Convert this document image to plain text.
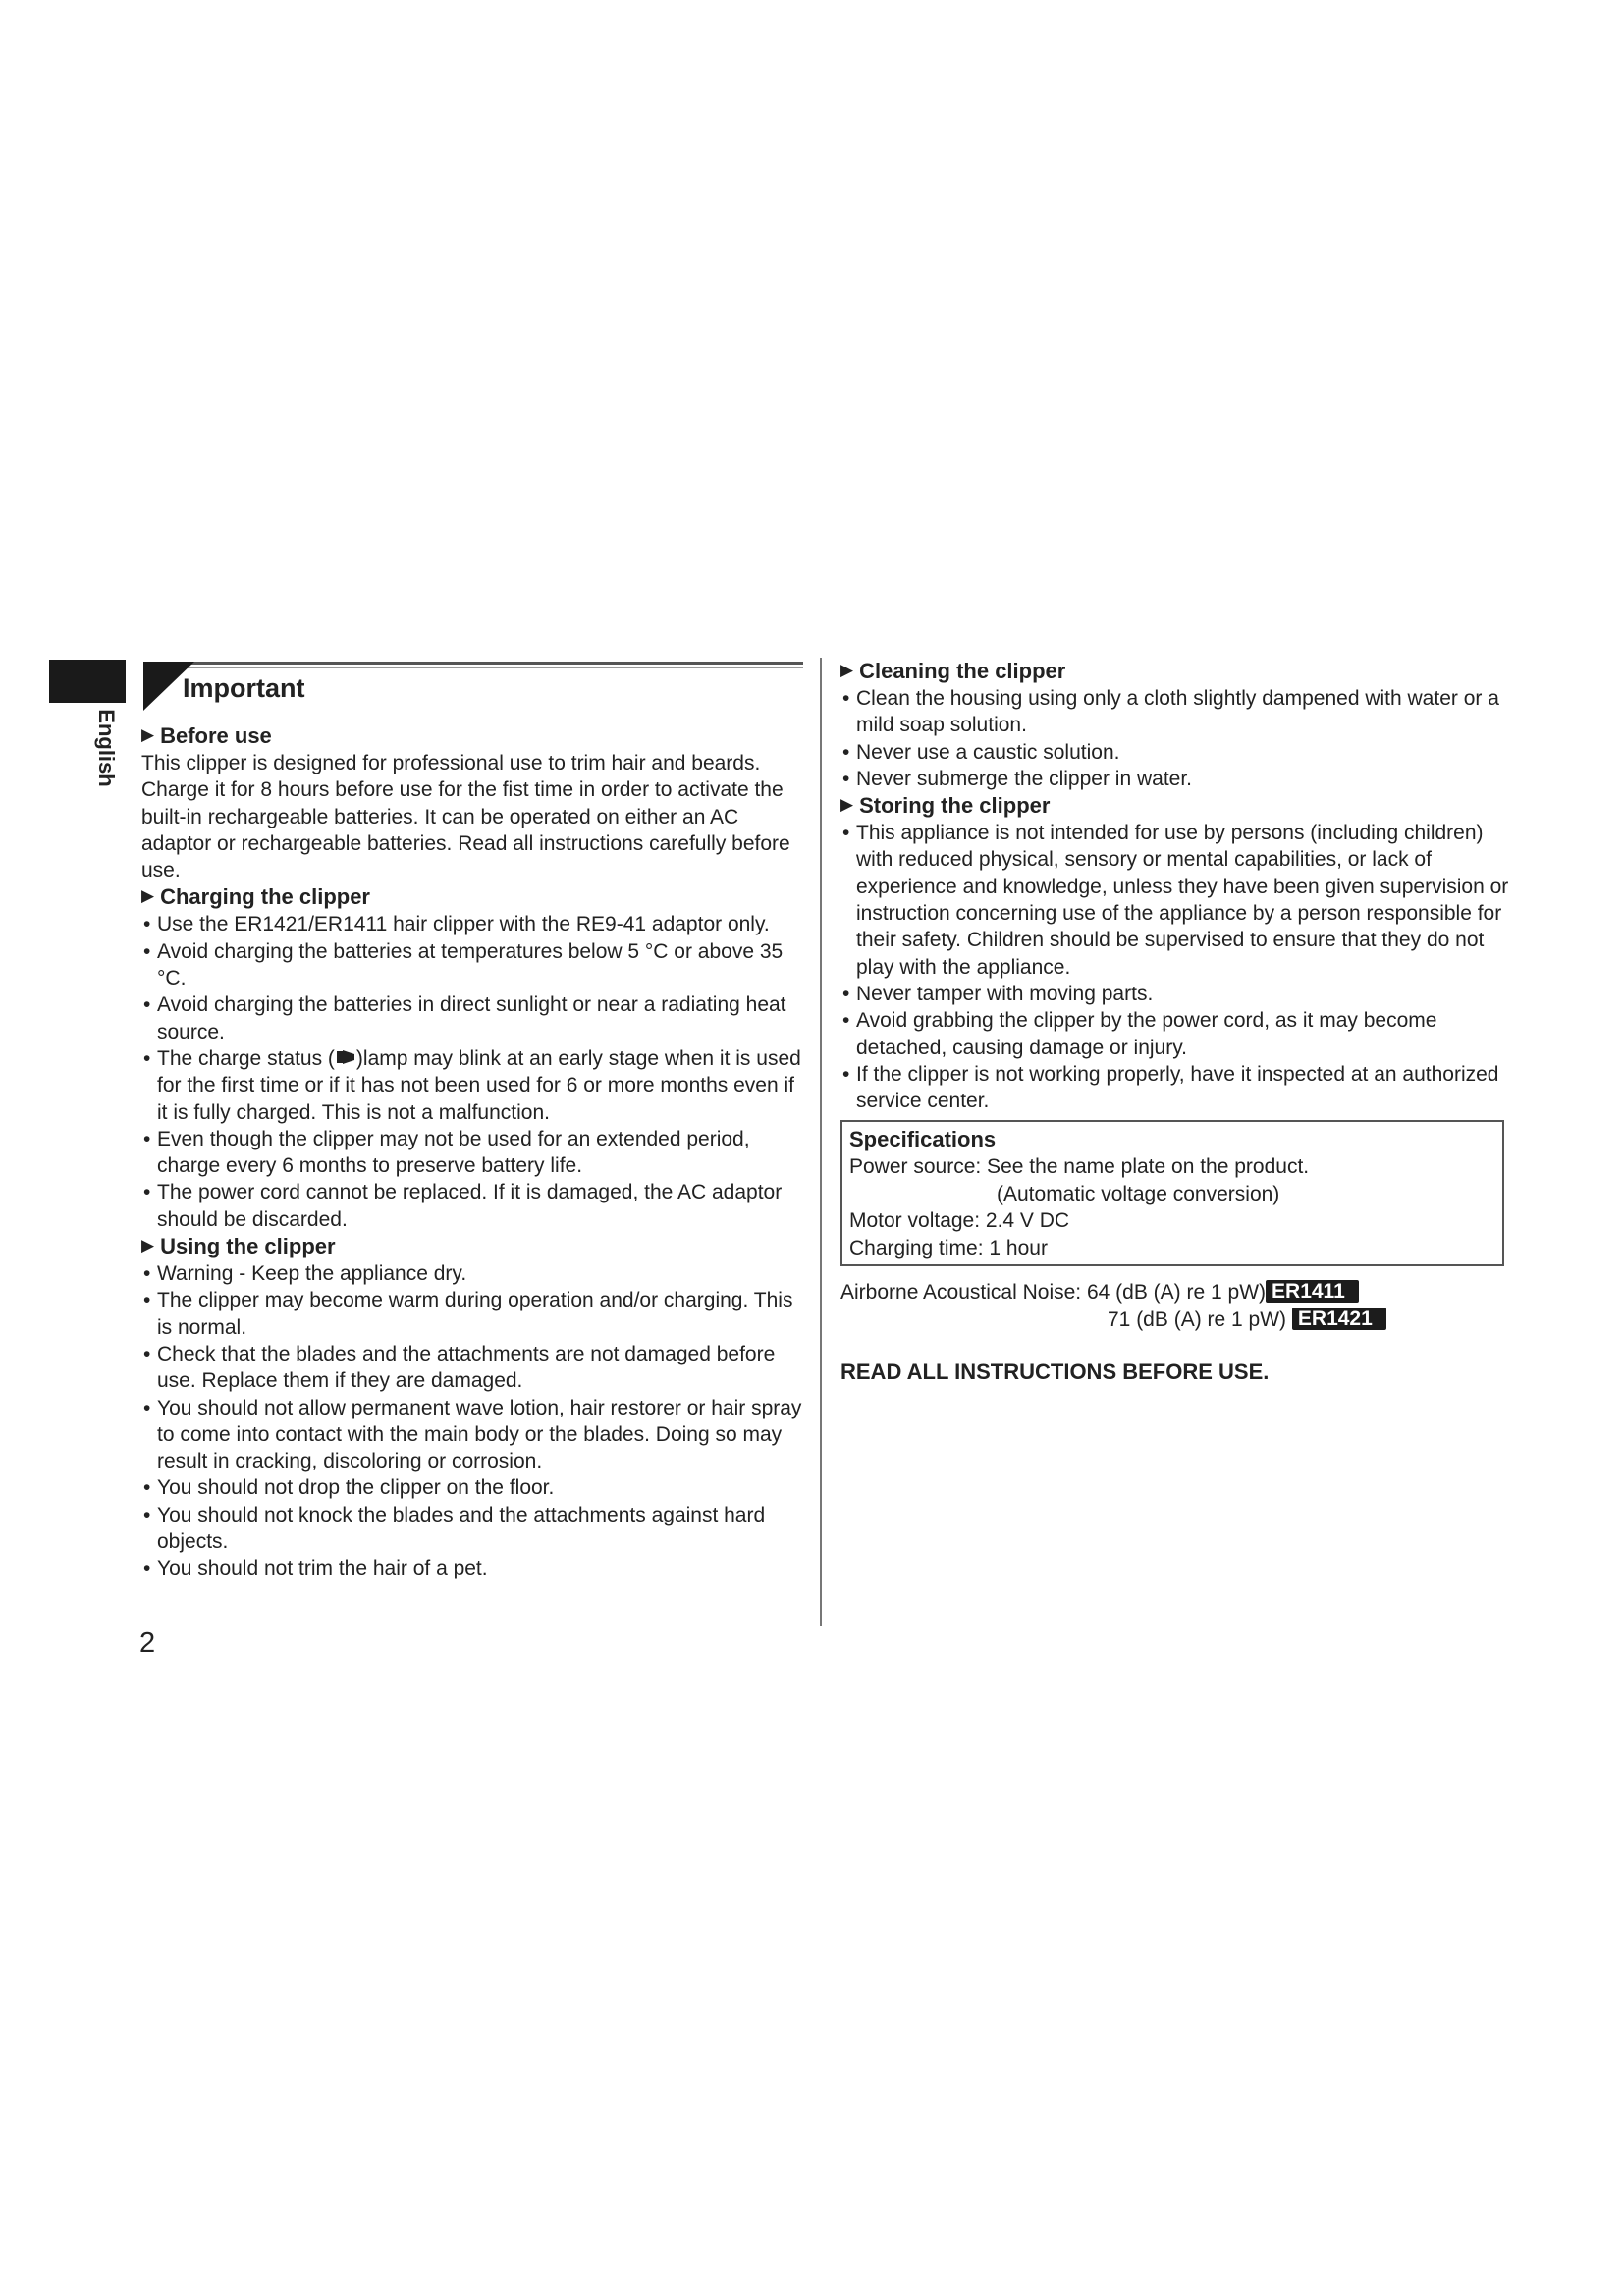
English
Important
▶ Before use

This clipper is designed for professional use to trim hair and beards. Charge it for 8 hours before use for the fist time in order to activate the built-in rechargeable batteries. It can be operated on either an AC adaptor or rechargeable batteries. Read all instructions carefully before use.

▶ Charging the clipper
• Use the ER1421/ER1411 hair clipper with the RE9-41 adaptor only.
• Avoid charging the batteries at temperatures below 5 °C or above 35 °C.
• Avoid charging the batteries in direct sunlight or near a radiating heat source.
• The charge status ( )lamp may blink at an early stage when it is used for the first time or if it has not been used for 6 or more months even if it is fully charged. This is not a malfunction.
• Even though the clipper may not be used for an extended period, charge every 6 months to preserve battery life.
• The power cord cannot be replaced. If it is damaged, the AC adaptor should be discarded.
▶ Using the clipper
• Warning - Keep the appliance dry.
• The clipper may become warm during operation and/or charging. This is normal.
• Check that the blades and the attachments are not damaged before use. Replace them if they are damaged.
• You should not allow permanent wave lotion, hair restorer or hair spray to come into contact with the main body or the blades. Doing so may result in cracking, discoloring or corrosion.
• You should not drop the clipper on the floor.
• You should not knock the blades and the attachments against hard objects.
• You should not trim the hair of a pet.
▶ Cleaning the clipper
• Clean the housing using only a cloth slightly dampened with water or a mild soap solution.
• Never use a caustic solution.
• Never submerge the clipper in water.
▶ Storing the clipper
• This appliance is not intended for use by persons (including children) with reduced physical, sensory or mental capabilities, or lack of experience and knowledge, unless they have been given supervision or instruction concerning use of the appliance by a person responsible for their safety. Children should be supervised to ensure that they do not play with the appliance.
• Never tamper with moving parts.
• Avoid grabbing the clipper by the power cord, as it may become detached, causing damage or injury.
• If the clipper is not working properly, have it inspected at an authorized service center.
Specifications
Power source: See the name plate on the product.
(Automatic voltage conversion)
Motor voltage: 2.4 V DC
Charging time: 1 hour
Airborne Acoustical Noise: 64 (dB (A) re 1 pW) ER1411
71 (dB (A) re 1 pW) ER1421
READ ALL INSTRUCTIONS BEFORE USE.
2
